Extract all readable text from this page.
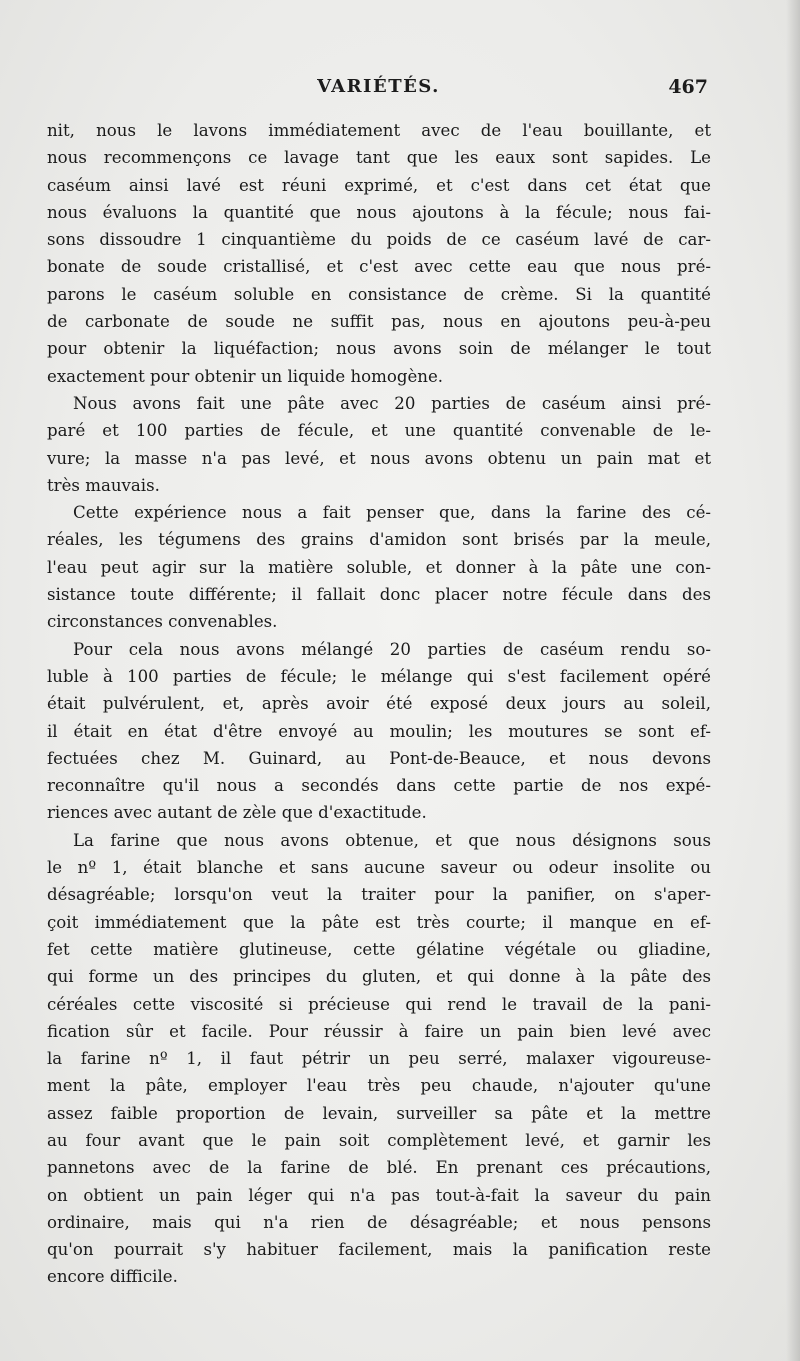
VARIÉTÉS.	467

nit, nous le lavons immédiatement avec de l'eau bouillante, et

nous recommençons ce lavage tant que les eaux sont sapides. Le

caséum ainsi lavé est réuni exprimé, et c'est dans cet état que

nous évaluons la quantité que nous ajoutons à la fécule; nous fai-

sons dissoudre 1 cinquantième du poids de ce caséum lavé de car-

bonate de soude cristallisé, et c'est avec cette eau que nous pré-

parons le caséum soluble en consistance de crème. Si la quantité

de carbonate de soude ne suffit pas, nous en ajoutons peu-à-peu

pour obtenir la liquéfaction; nous avons soin de mélanger le tout

exactement pour obtenir un liquide homogène.

Nous avons fait une pâte avec 20 parties de caséum ainsi pré-

paré et 100 parties de fécule, et une quantité convenable de le-

vure; la masse n'a pas levé, et nous avons obtenu un pain mat et

très mauvais.

Cette expérience nous a fait penser que, dans la farine des cé-

réales, les tégumens des grains d'amidon sont brisés par la meule,

l'eau peut agir sur la matière soluble, et donner à la pâte une con-

sistance toute différente; il fallait donc placer notre fécule dans des

circonstances convenables.

Pour cela nous avons mélangé 20 parties de caséum rendu so-

luble à 100 parties de fécule; le mélange qui s'est facilement opéré

était pulvérulent, et, après avoir été exposé deux jours au soleil,

il était en état d'être envoyé au moulin; les moutures se sont ef-

fectuées chez M. Guinard, au Pont-de-Beauce, et nous devons

reconnaître qu'il nous a secondés dans cette partie de nos expé-

riences avec autant de zèle que d'exactitude.

La farine que nous avons obtenue, et que nous désignons sous

le nº 1, était blanche et sans aucune saveur ou odeur insolite ou

désagréable; lorsqu'on veut la traiter pour la panifier, on s'aper-

çoit immédiatement que la pâte est très courte; il manque en ef-

fet cette matière glutineuse, cette gélatine végétale ou gliadine,

qui forme un des principes du gluten, et qui donne à la pâte des

céréales cette viscosité si précieuse qui rend le travail de la pani-

fication sûr et facile. Pour réussir à faire un pain bien levé avec

la farine nº 1, il faut pétrir un peu serré, malaxer vigoureuse-

ment la pâte, employer l'eau très peu chaude, n'ajouter qu'une

assez faible proportion de levain, surveiller sa pâte et la mettre

au four avant que le pain soit complètement levé, et garnir les

pannetons avec de la farine de blé. En prenant ces précautions,

on obtient un pain léger qui n'a pas tout-à-fait la saveur du pain

ordinaire, mais qui n'a rien de désagréable; et nous pensons

qu'on pourrait s'y habituer facilement, mais la panification reste

encore difficile.
